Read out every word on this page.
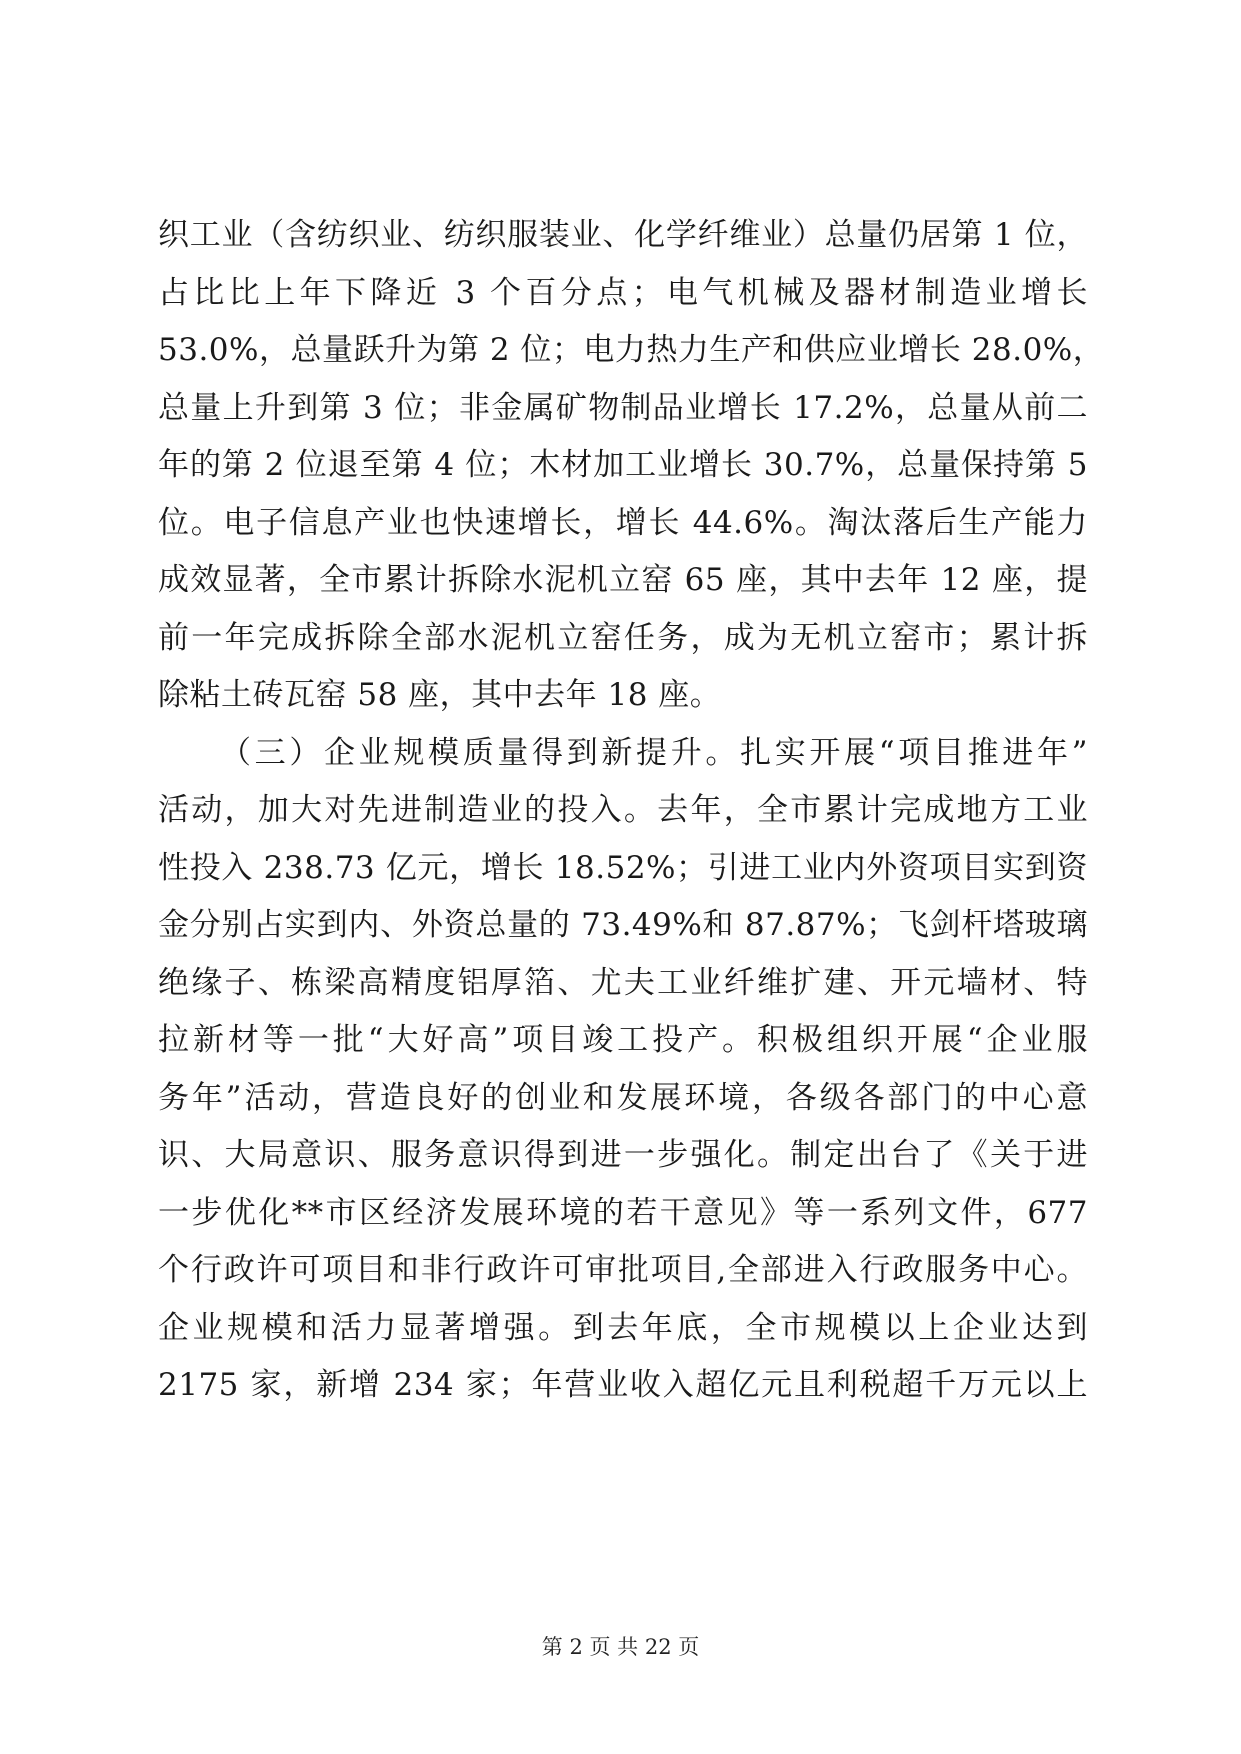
织工业（含纺织业、纺织服装业、化学纤维业）总量仍居第 1 位，
占比比上年下降近 3 个百分点；电气机械及器材制造业增长
53.0%，总量跃升为第 2 位；电力热力生产和供应业增长 28.0%，
总量上升到第 3 位；非金属矿物制品业增长 17.2%，总量从前二
年的第 2 位退至第 4 位；木材加工业增长 30.7%，总量保持第 5
位。电子信息产业也快速增长，增长 44.6%。淘汰落后生产能力
成效显著，全市累计拆除水泥机立窑 65 座，其中去年 12 座，提
前一年完成拆除全部水泥机立窑任务，成为无机立窑市；累计拆
除粘土砖瓦窑 58 座，其中去年 18 座。
（三）企业规模质量得到新提升。扎实开展“项目推进年”
活动，加大对先进制造业的投入。去年，全市累计完成地方工业
性投入 238.73 亿元，增长 18.52%；引进工业内外资项目实到资
金分别占实到内、外资总量的 73.49%和 87.87%；飞剑杆塔玻璃
绝缘子、栋梁高精度铝厚箔、尤夫工业纤维扩建、开元墙材、特
拉新材等一批“大好高”项目竣工投产。积极组织开展“企业服
务年”活动，营造良好的创业和发展环境，各级各部门的中心意
识、大局意识、服务意识得到进一步强化。制定出台了《关于进
一步优化**市区经济发展环境的若干意见》等一系列文件，677
个行政许可项目和非行政许可审批项目,全部进入行政服务中心。
企业规模和活力显著增强。到去年底，全市规模以上企业达到
2175 家，新增 234 家；年营业收入超亿元且利税超千万元以上
第 2 页 共 22 页
